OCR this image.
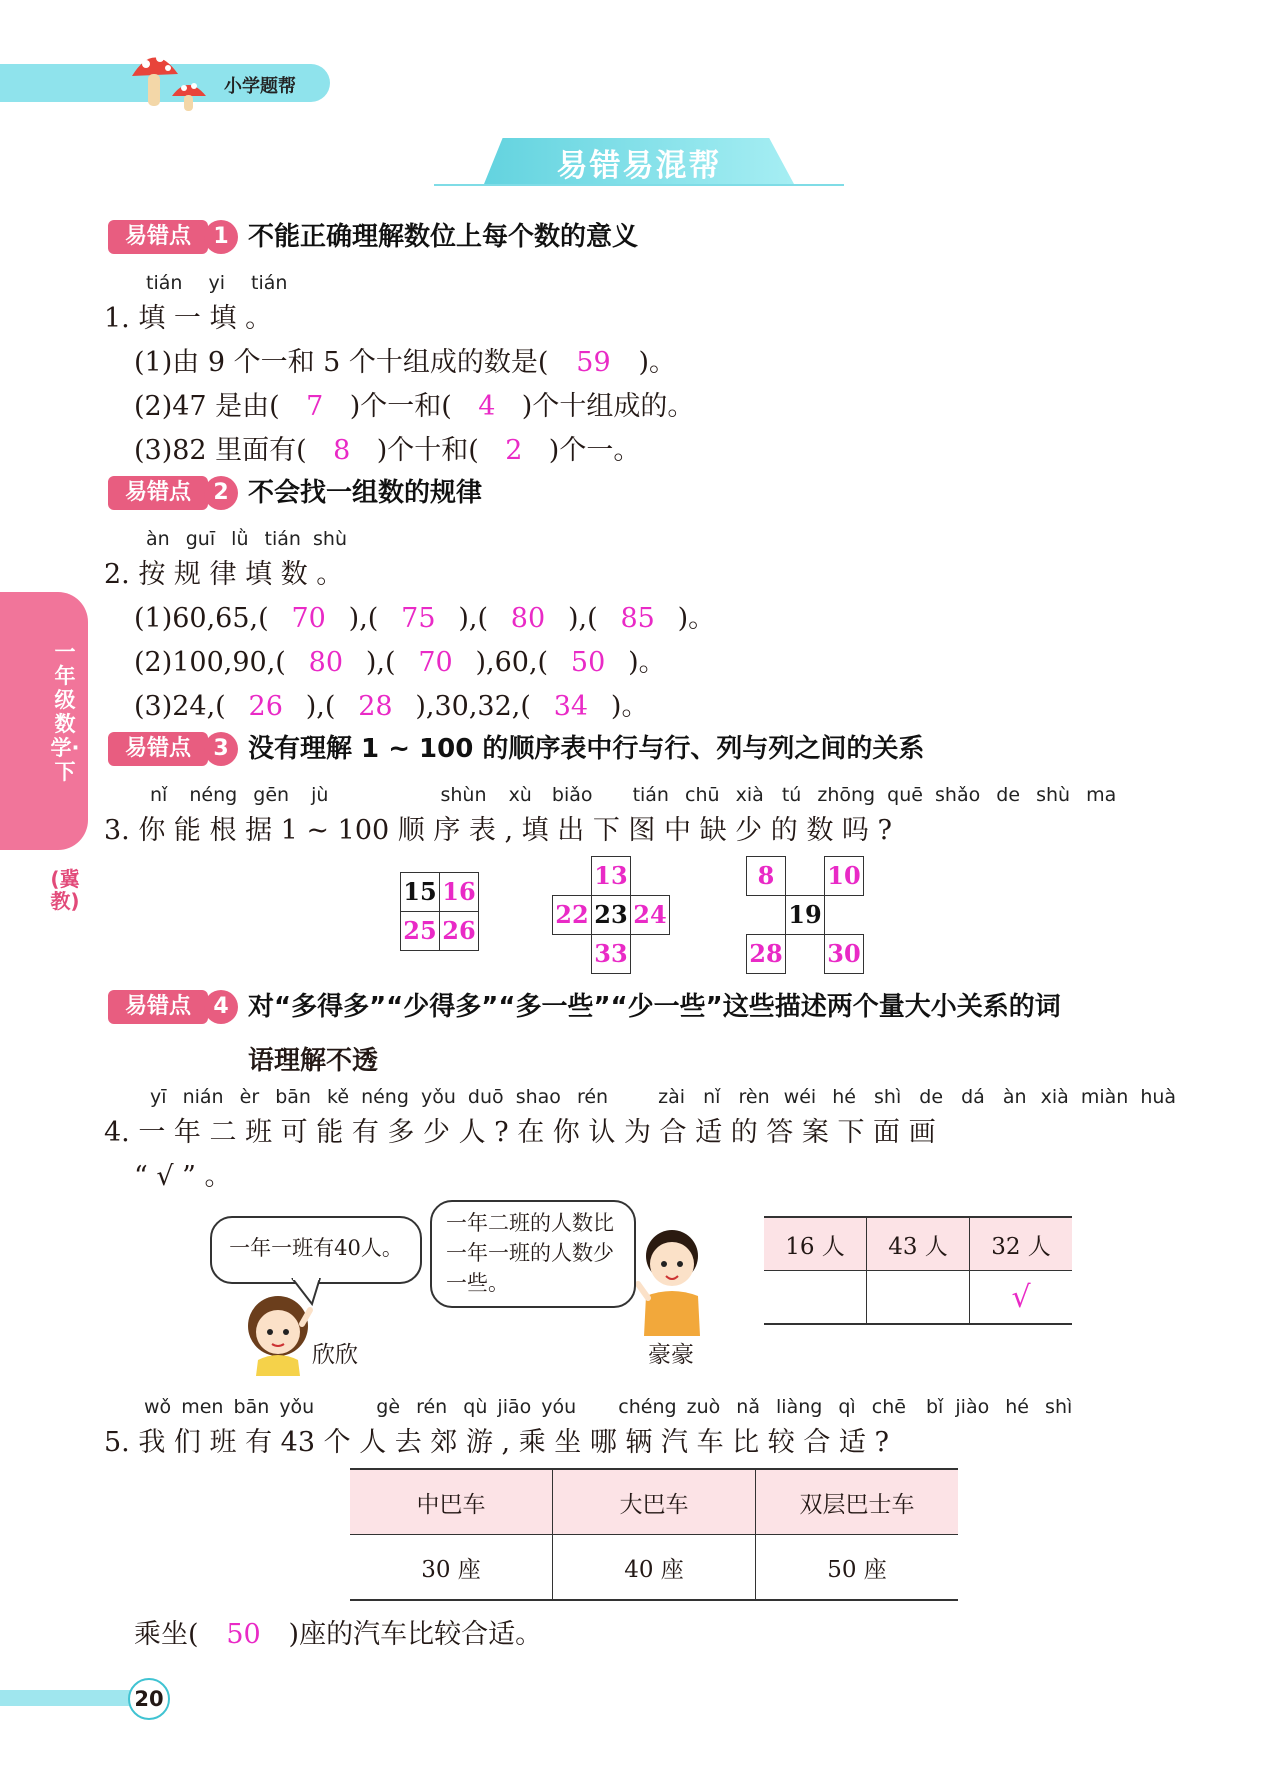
小学题帮
易错易混帮
一年级数学·下
(冀教)
易错点	1 不能正确理解数位上每个数的意义
tián yi tián
1. 填 一 填 。
(1)由 9 个一和 5 个十组成的数是( 59 )。
(2)47 是由( 7 )个一和( 4 )个十组成的。
(3)82 里面有( 8 )个十和( 2 )个一。
易错点	2 不会找一组数的规律
àn guī lǜ tián shù
2. 按 规 律 填 数 。
(1)60,65,( 70 ),( 75 ),( 80 ),( 85 )。
(2)100,90,( 80 ),( 70 ),60,( 50 )。
(3)24,( 26 ),( 28 ),30,32,( 34 )。
易错点	3 没有理解 1 ~ 100 的顺序表中行与行、列与列之间的关系
nǐ néng gēn jù	shùn xù biǎo tián chū xià tú zhōng quē shǎo de shù ma
3. 你 能 根 据 1 ~ 100 顺 序 表 , 填 出 下 图 中 缺 少 的 数 吗 ?
15 16
25 26
13
22 23 24
33
8	10
19
28 30
易错点	4 对“多得多”“少得多”“多一些”“少一些”这些描述两个量大小关系的词
语理解不透
yī nián èr bān kě néng yǒu duō shao rén	zài nǐ rèn wéi hé shì de dá àn xià miàn huà
4. 一 年 二 班 可 能 有 多 少 人 ? 在 你 认 为 合 适 的 答 案 下 面 画
“ √ ” 。
一年一班有40人。
欣欣
一年二班的人数比一年一班的人数少一些。
豪豪
16 人	43 人	32 人
		√
wǒ men bān yǒu	gè rén qù jiāo yóu chéng zuò nǎ liàng qì chē bǐ jiào hé shì
5. 我 们 班 有 43 个 人 去 郊 游 , 乘 坐 哪 辆 汽 车 比 较 合 适 ?
中巴车	大巴车	双层巴士车
30 座	40 座	50 座
乘坐( 50 )座的汽车比较合适。
20
